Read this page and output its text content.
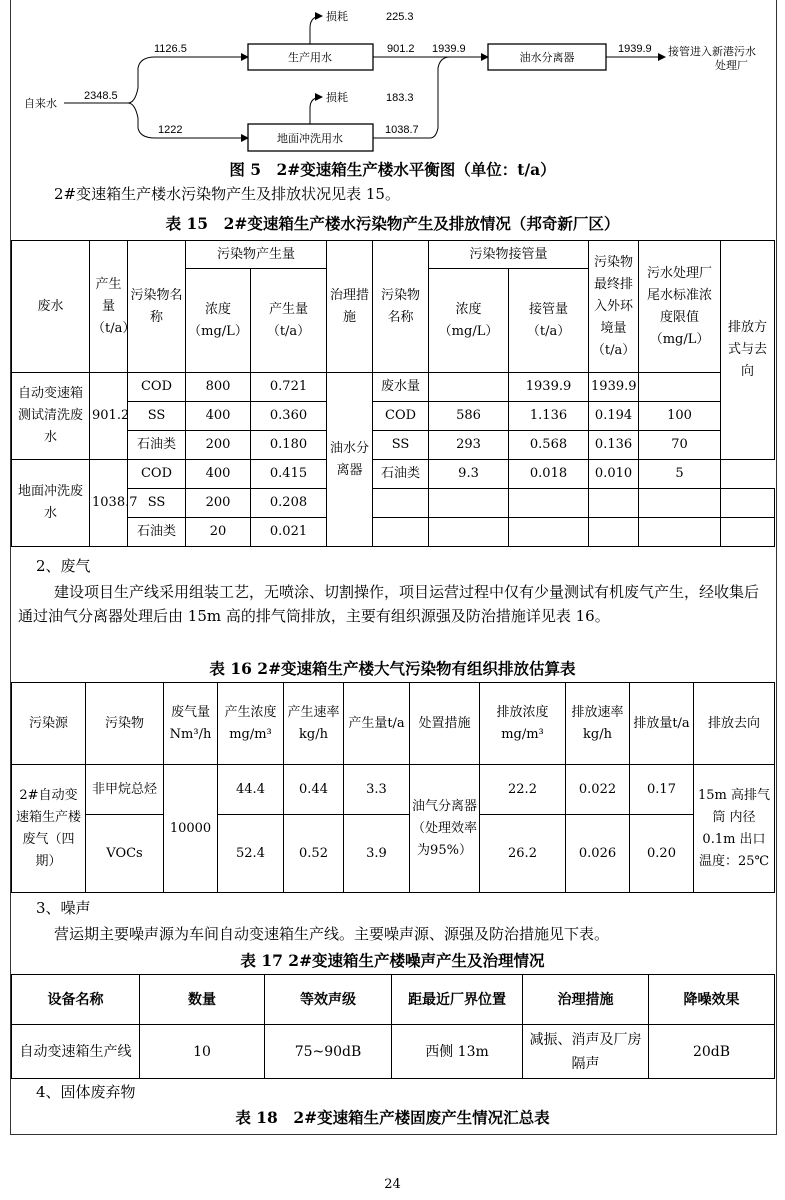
自来水
2348.5
1126.5
1222
生产用水
地面冲洗用水
损耗	225.3
损耗	183.3
901.2
1038.7
1939.9
油水分离器
1939.9 接管进入新港污水
处理厂
图 5　2#变速箱生产楼水平衡图（单位：t/a）

2#变速箱生产楼水污染物产生及排放状况见表 15。

表 15　2#变速箱生产楼水污染物产生及排放情况（邦奇新厂区）
废水	产生量（t/a）	污染物名称	污染物产生量		治理措施	污染物名称	污染物接管量		污染物最终排入外环境量（t/a）	污水处理厂尾水标准浓度限值（mg/L）	排放方式与去向
			浓度（mg/L）	产生量（t/a）			浓度（mg/L）	接管量（t/a）			

自动变速箱测试清洗废水	901.2	COD	800	0.721	油水分离器	废水量		1939.9	1939.9		
		SS	400	0.360		COD	586	1.136	0.194	100	
		石油类	200	0.180		SS	293	0.568	0.136	70	
地面冲洗废水	1038.7	COD	400	0.415		石油类	9.3	0.018	0.010	5	
		SS	200	0.208							
		石油类	20	0.021							

2、废气

建设项目生产线采用组装工艺，无喷涂、切割操作，项目运营过程中仅有少量测试有机废气产生，经收集后通过油气分离器处理后由 15m 高的排气筒排放，主要有组织源强及防治措施详见表 16。

表 16 2#变速箱生产楼大气污染物有组织排放估算表
污染源	污染物	废气量Nm³/h	产生浓度mg/m³	产生速率kg/h	产生量t/a	处置措施	排放浓度mg/m³	排放速率kg/h	排放量t/a	排放去向
2#自动变速箱生产楼废气（四期）	非甲烷总烃	10000	44.4	0.44	3.3	油气分离器（处理效率为95%）	22.2	0.022	0.17	15m 高排气筒 内径 0.1m 出口温度：25℃
	VOCs		52.4	0.52	3.9		26.2	0.026	0.20	

3、噪声

营运期主要噪声源为车间自动变速箱生产线。主要噪声源、源强及防治措施见下表。

表 17 2#变速箱生产楼噪声产生及治理情况
设备名称	数量	等效声级	距最近厂界位置	治理措施	降噪效果
自动变速箱生产线	10	75~90dB	西侧 13m	减振、消声及厂房隔声	20dB

4、固体废弃物

表 18　2#变速箱生产楼固废产生情况汇总表
24
